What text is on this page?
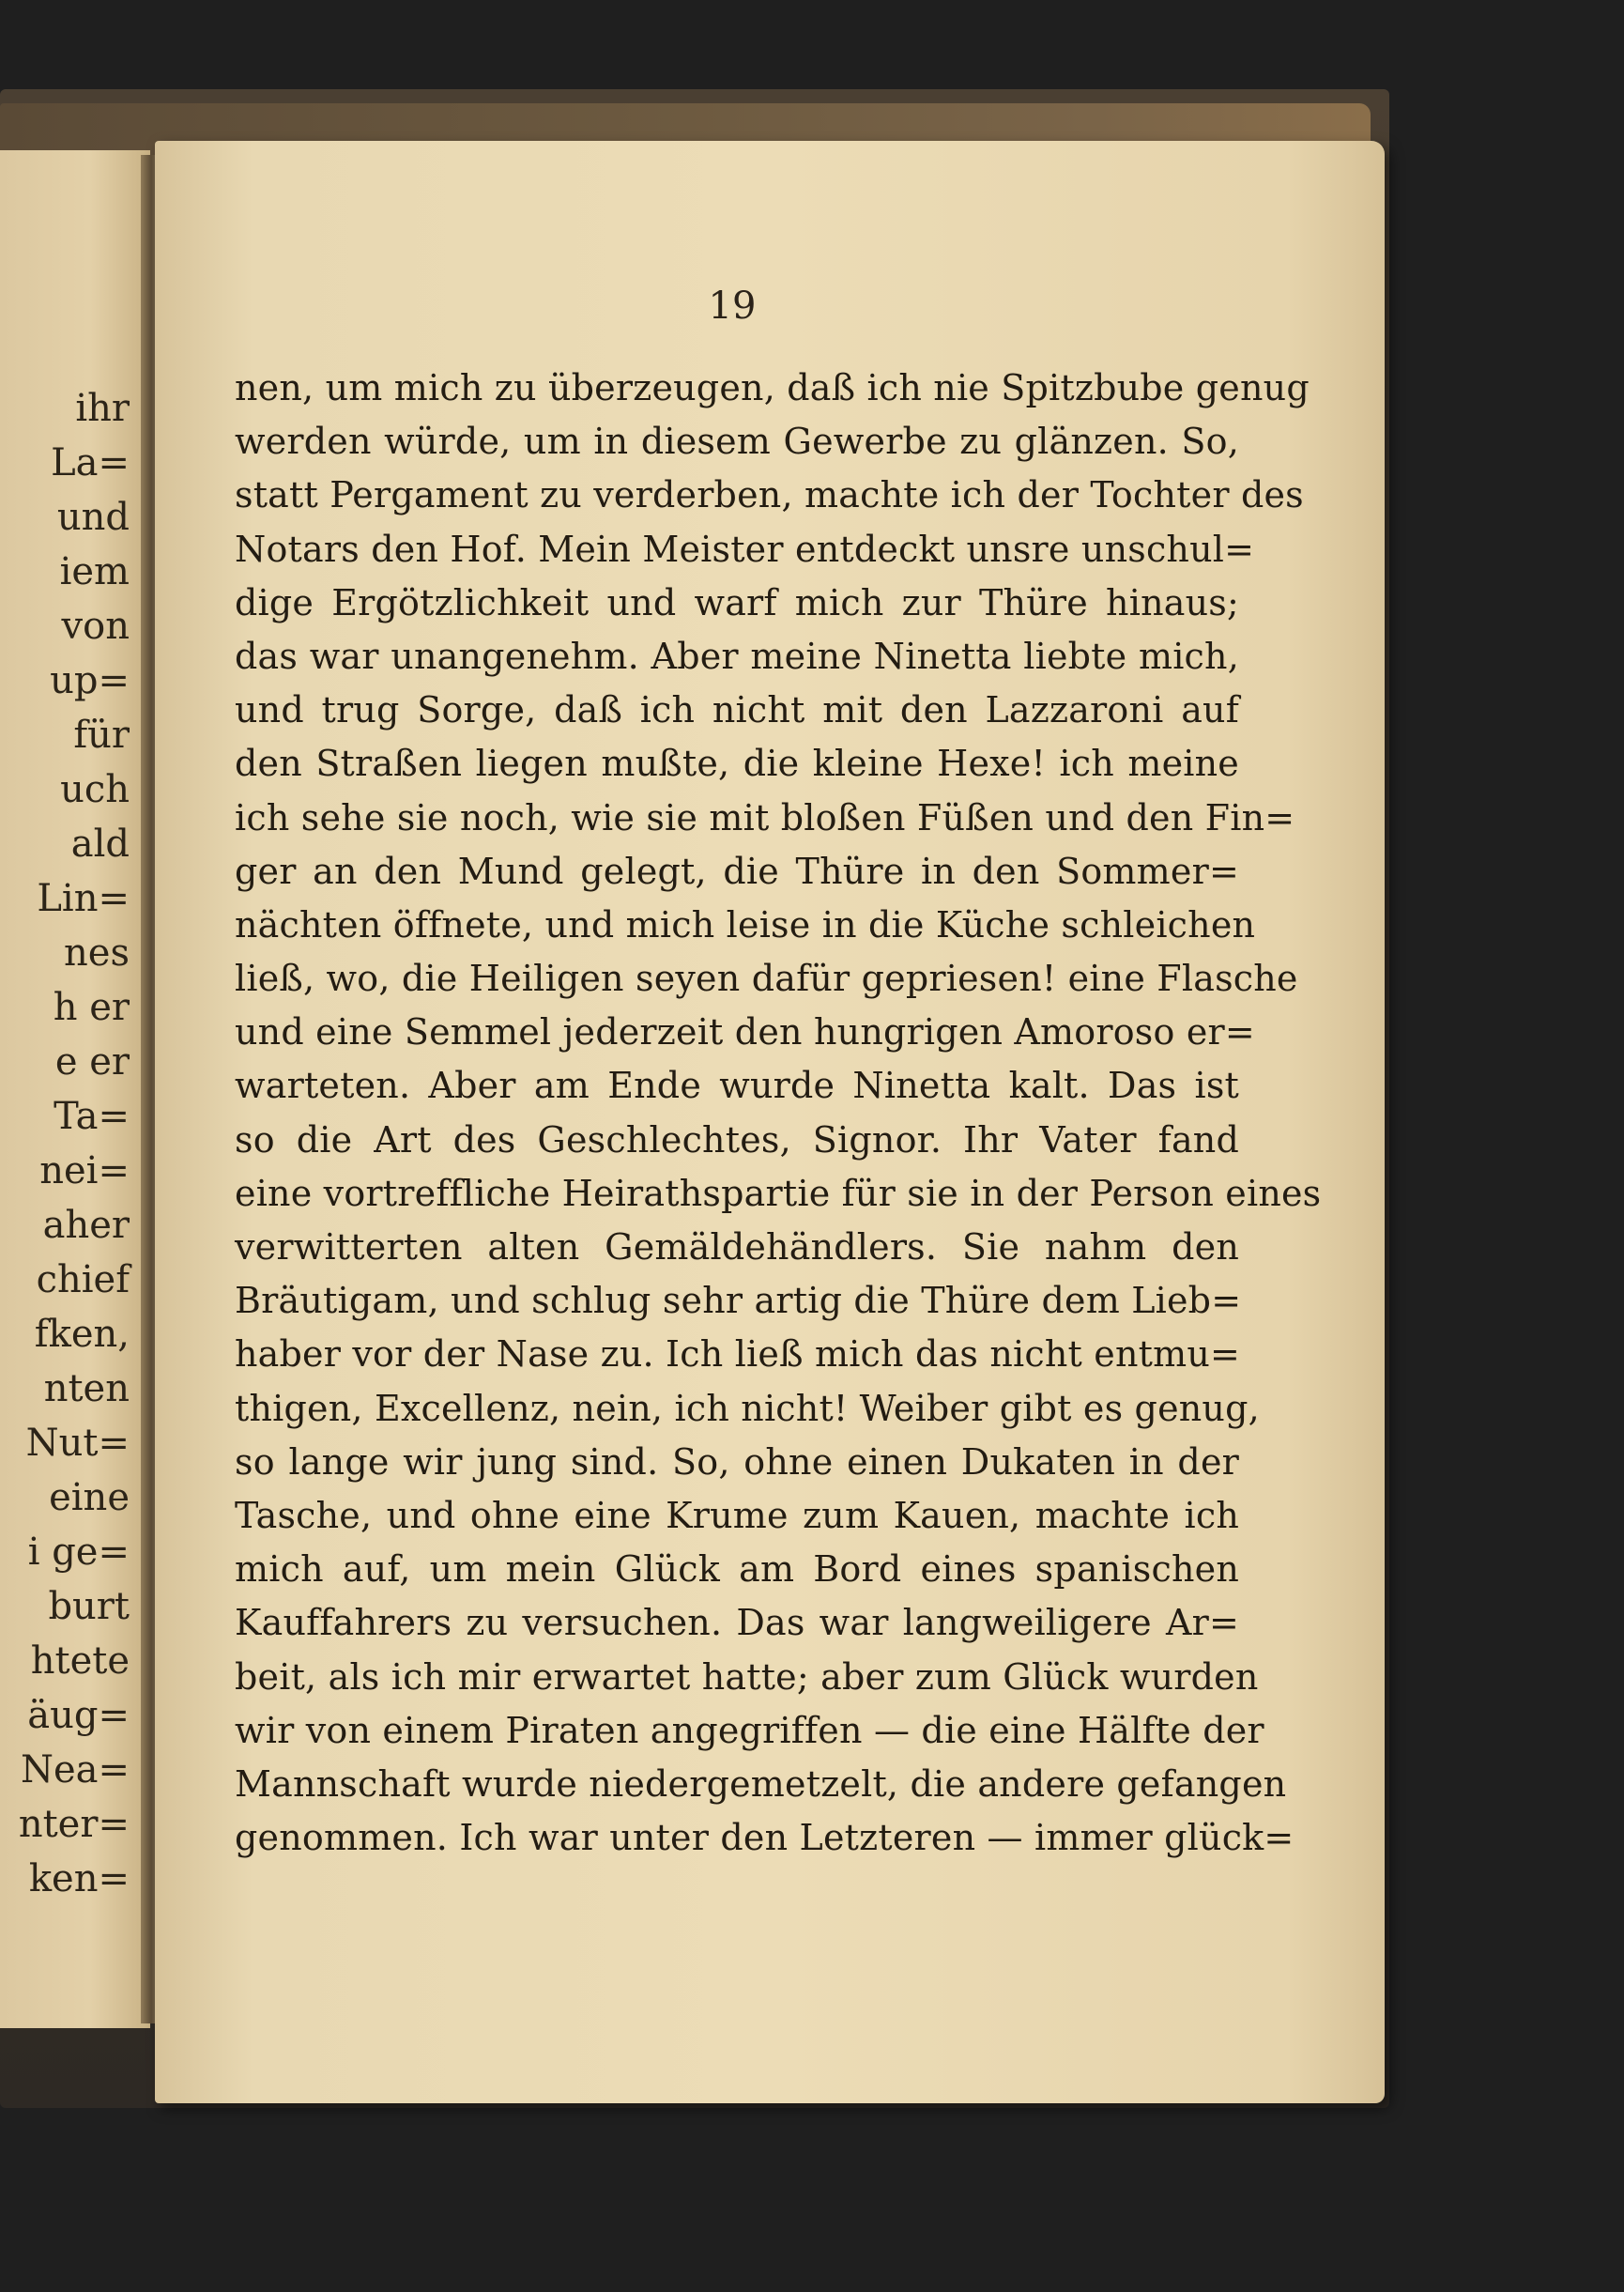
ihr
La=
und
iem
von
up=
für
uch
ald
Lin=
nes
h er
e er
Ta=
nei=
aher
chief
fken,
nten
Nut=
eine
i ge=
burt
htete
äug=
Nea=
nter=
ken=
19
nen, um mich zu überzeugen, daß ich nie Spitzbube genug
werden würde, um in diesem Gewerbe zu glänzen. So,
statt Pergament zu verderben, machte ich der Tochter des
Notars den Hof. Mein Meister entdeckt unsre unschul=
dige Ergötzlichkeit und warf mich zur Thüre hinaus;
das war unangenehm. Aber meine Ninetta liebte mich,
und trug Sorge, daß ich nicht mit den Lazzaroni auf
den Straßen liegen mußte, die kleine Hexe! ich meine
ich sehe sie noch, wie sie mit bloßen Füßen und den Fin=
ger an den Mund gelegt, die Thüre in den Sommer=
nächten öffnete, und mich leise in die Küche schleichen
ließ, wo, die Heiligen seyen dafür gepriesen! eine Flasche
und eine Semmel jederzeit den hungrigen Amoroso er=
warteten. Aber am Ende wurde Ninetta kalt. Das ist
so die Art des Geschlechtes, Signor. Ihr Vater fand
eine vortreffliche Heirathspartie für sie in der Person eines
verwitterten alten Gemäldehändlers. Sie nahm den
Bräutigam, und schlug sehr artig die Thüre dem Lieb=
haber vor der Nase zu. Ich ließ mich das nicht entmu=
thigen, Excellenz, nein, ich nicht! Weiber gibt es genug,
so lange wir jung sind. So, ohne einen Dukaten in der
Tasche, und ohne eine Krume zum Kauen, machte ich
mich auf, um mein Glück am Bord eines spanischen
Kauffahrers zu versuchen. Das war langweiligere Ar=
beit, als ich mir erwartet hatte; aber zum Glück wurden
wir von einem Piraten angegriffen — die eine Hälfte der
Mannschaft wurde niedergemetzelt, die andere gefangen
genommen. Ich war unter den Letzteren — immer glück=
